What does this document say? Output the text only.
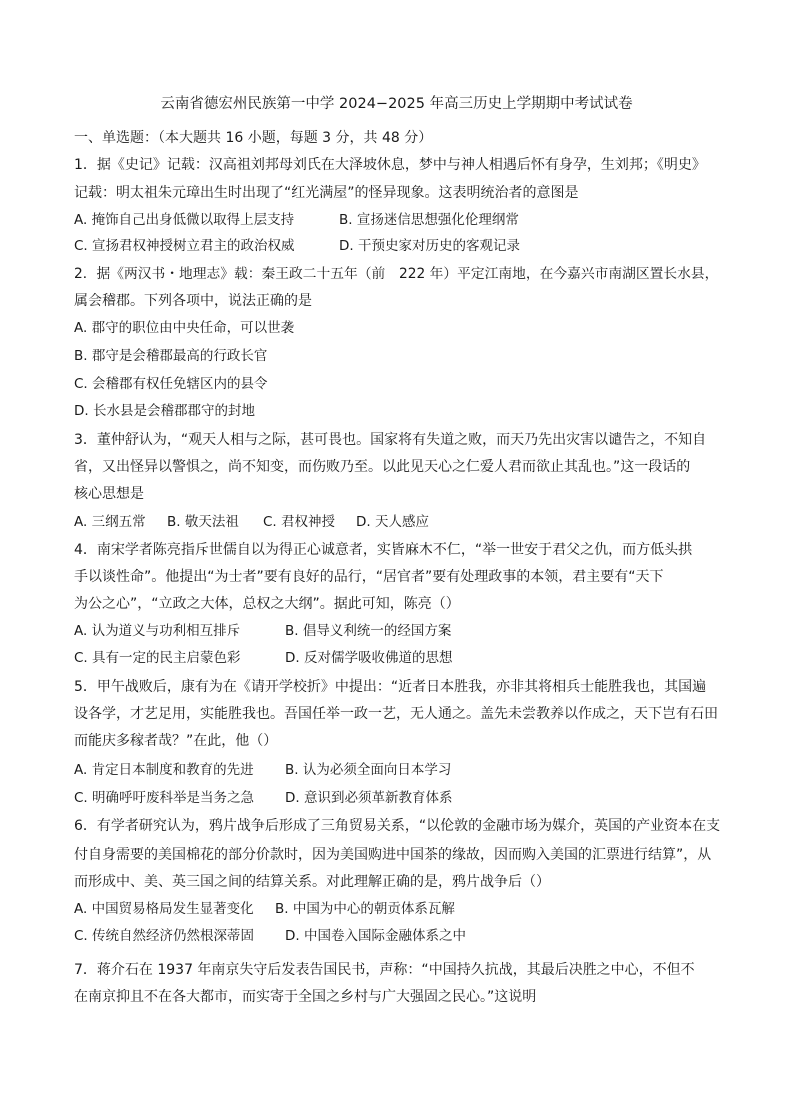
云南省德宏州民族第一中学 2024−2025 年高三历史上学期期中考试试卷
一、单选题：（本大题共 16 小题，每题 3 分，共 48 分）
1．据《史记》记载：汉高祖刘邦母刘氏在大泽坡休息，梦中与神人相遇后怀有身孕，生刘邦；《明史》
记载：明太祖朱元璋出生时出现了“红光满屋”的怪异现象。这表明统治者的意图是
A. 掩饰自己出身低微以取得上层支持	B. 宣扬迷信思想强化伦理纲常
C. 宣扬君权神授树立君主的政治权威	D. 干预史家对历史的客观记录
2．据《两汉书・地理志》载：秦王政二十五年（前　222 年）平定江南地，在今嘉兴市南湖区置长水县，
属会稽郡。下列各项中，说法正确的是
A. 郡守的职位由中央任命，可以世袭
B. 郡守是会稽郡最高的行政长官
C. 会稽郡有权任免辖区内的县令
D. 长水县是会稽郡郡守的封地
3．董仲舒认为，“观天人相与之际，甚可畏也。国家将有失道之败，而天乃先出灾害以谴告之，不知自
省，又出怪异以警惧之，尚不知变，而伤败乃至。以此见天心之仁爱人君而欲止其乱也。”这一段话的
核心思想是
A. 三纲五常 B. 敬天法祖 C. 君权神授 D. 天人感应
4．南宋学者陈亮指斥世儒自以为得正心诚意者，实皆麻木不仁，“举一世安于君父之仇，而方低头拱
手以谈性命”。他提出“为士者”要有良好的品行，“居官者”要有处理政事的本领，君主要有“天下
为公之心”，“立政之大体，总权之大纲”。据此可知，陈亮（）
A. 认为道义与功利相互排斥	B. 倡导义利统一的经国方案
C. 具有一定的民主启蒙色彩	D. 反对儒学吸收佛道的思想
5．甲午战败后，康有为在《请开学校折》中提出：“近者日本胜我，亦非其将相兵士能胜我也，其国遍
设各学，才艺足用，实能胜我也。吾国任举一政一艺，无人通之。盖先未尝教养以作成之，天下岂有石田
而能庆多稼者哉？”在此，他（）
A. 肯定日本制度和教育的先进 B. 认为必须全面向日本学习
C. 明确呼吁废科举是当务之急 D. 意识到必须革新教育体系
6．有学者研究认为，鸦片战争后形成了三角贸易关系，“以伦敦的金融市场为媒介，英国的产业资本在支
付自身需要的美国棉花的部分价款时，因为美国购进中国茶的缘故，因而购入美国的汇票进行结算”，从
而形成中、美、英三国之间的结算关系。对此理解正确的是，鸦片战争后（）
A. 中国贸易格局发生显著变化 B. 中国为中心的朝贡体系瓦解
C. 传统自然经济仍然根深蒂固 D. 中国卷入国际金融体系之中
7．蒋介石在 1937 年南京失守后发表告国民书，声称：“中国持久抗战，其最后决胜之中心，不但不
在南京抑且不在各大都市，而实寄于全国之乡村与广大强固之民心。”这说明
